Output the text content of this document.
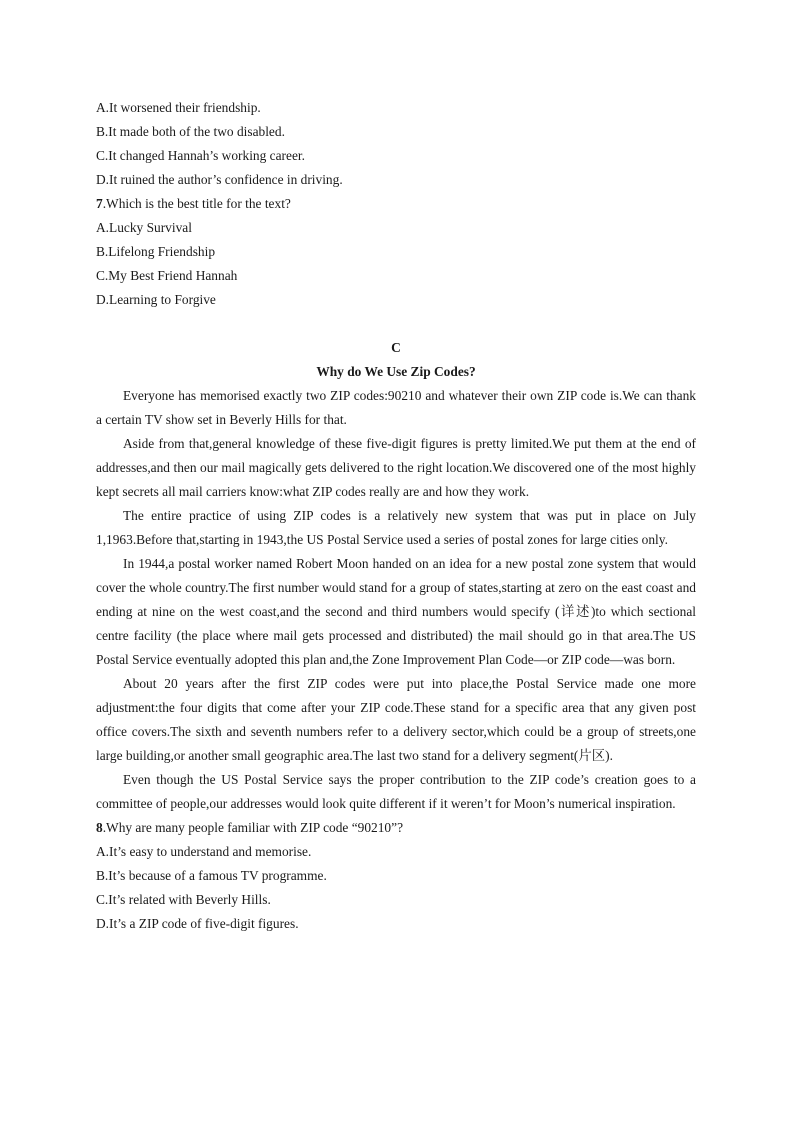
A.It worsened their friendship.

B.It made both of the two disabled.

C.It changed Hannah’s working career.

D.It ruined the author’s confidence in driving.

7.Which is the best title for the text?

A.Lucky Survival

B.Lifelong Friendship

C.My Best Friend Hannah

D.Learning to Forgive

C

Why do We Use Zip Codes?

Everyone has memorised exactly two ZIP codes:90210 and whatever their own ZIP code is.We can thank a certain TV show set in Beverly Hills for that.

Aside from that,general knowledge of these five-digit figures is pretty limited.We put them at the end of addresses,and then our mail magically gets delivered to the right location.We discovered one of the most highly kept secrets all mail carriers know:what ZIP codes really are and how they work.

The entire practice of using ZIP codes is a relatively new system that was put in place on July 1,1963.Before that,starting in 1943,the US Postal Service used a series of postal zones for large cities only.

In 1944,a postal worker named Robert Moon handed on an idea for a new postal zone system that would cover the whole country.The first number would stand for a group of states,starting at zero on the east coast and ending at nine on the west coast,and the second and third numbers would specify (详述)to which sectional centre facility (the place where mail gets processed and distributed) the mail should go in that area.The US Postal Service eventually adopted this plan and,the Zone Improvement Plan Code—or ZIP code—was born.

About 20 years after the first ZIP codes were put into place,the Postal Service made one more adjustment:the four digits that come after your ZIP code.These stand for a specific area that any given post office covers.The sixth and seventh numbers refer to a delivery sector,which could be a group of streets,one large building,or another small geographic area.The last two stand for a delivery segment(片区).

Even though the US Postal Service says the proper contribution to the ZIP code’s creation goes to a committee of people,our addresses would look quite different if it weren’t for Moon’s numerical inspiration.

8.Why are many people familiar with ZIP code “90210”?

A.It’s easy to understand and memorise.

B.It’s because of a famous TV programme.

C.It’s related with Beverly Hills.

D.It’s a ZIP code of five-digit figures.
